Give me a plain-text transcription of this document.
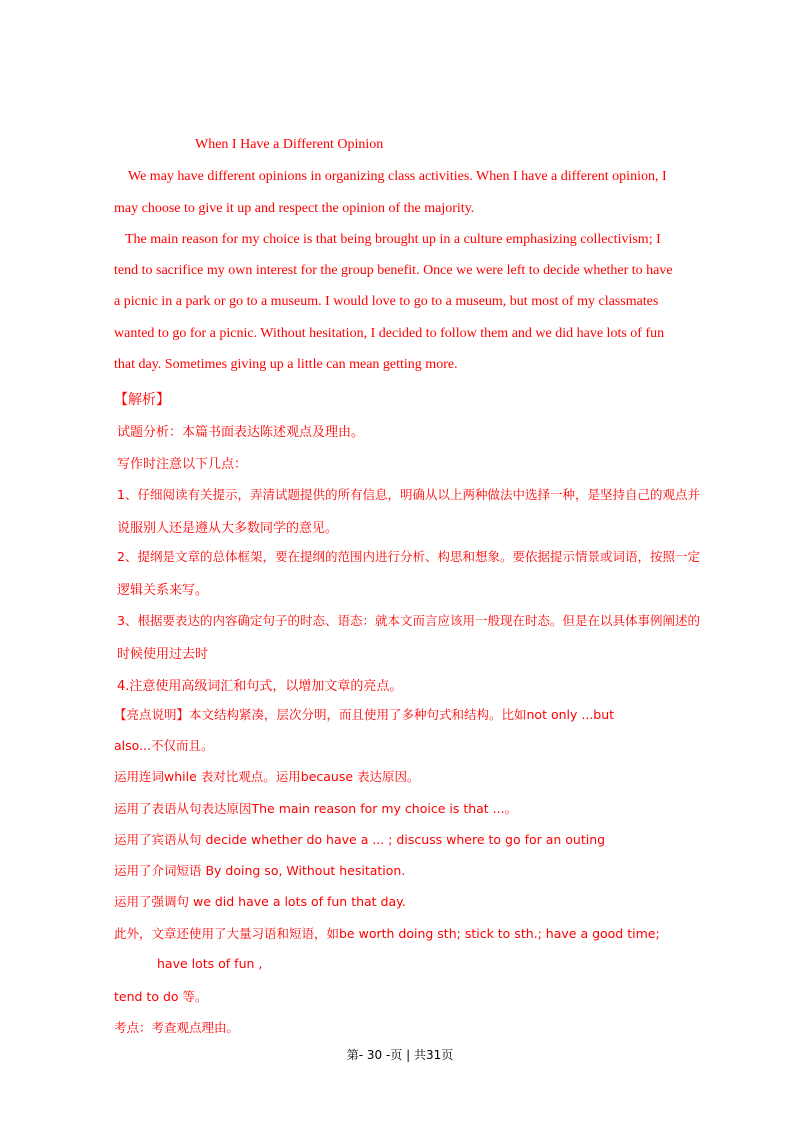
When I Have a Different Opinion
We may have different opinions in organizing class activities. When I have a different opinion, I
may choose to give it up and respect the opinion of the majority.
The main reason for my choice is that being brought up in a culture emphasizing collectivism; I
tend to sacrifice my own interest for the group benefit. Once we were left to decide whether to have
a picnic in a park or go to a museum. I would love to go to a museum, but most of my classmates
wanted to go for a picnic. Without hesitation, I decided to follow them and we did have lots of fun
that day. Sometimes giving up a little can mean getting more.
【解析】
试题分析：本篇书面表达陈述观点及理由。
写作时注意以下几点：
1、仔细阅读有关提示，弄清试题提供的所有信息，明确从以上两种做法中选择一种，是坚持自己的观点并
说服别人还是遵从大多数同学的意见。
2、提纲是文章的总体框架，要在提纲的范围内进行分析、构思和想象。要依据提示情景或词语，按照一定
逻辑关系来写。
3、根据要表达的内容确定句子的时态、语态：就本文而言应该用一般现在时态。但是在以具体事例阐述的
时候使用过去时
4.注意使用高级词汇和句式，以增加文章的亮点。
【亮点说明】本文结构紧凑，层次分明，而且使用了多种句式和结构。比如not only ...but
also...不仅而且。
运用连词while 表对比观点。运用because 表达原因。
运用了表语从句表达原因The main reason for my choice is that ...。
运用了宾语从句 decide whether do have a ... ; discuss where to go for an outing
运用了介词短语 By doing so, Without hesitation.
运用了强调句 we did have a lots of fun that day.
此外，文章还使用了大量习语和短语，如be worth doing sth; stick to sth.; have a good time;
have lots of fun ,
tend to do 等。
考点：考查观点理由。
第- 30 -页 | 共31页
